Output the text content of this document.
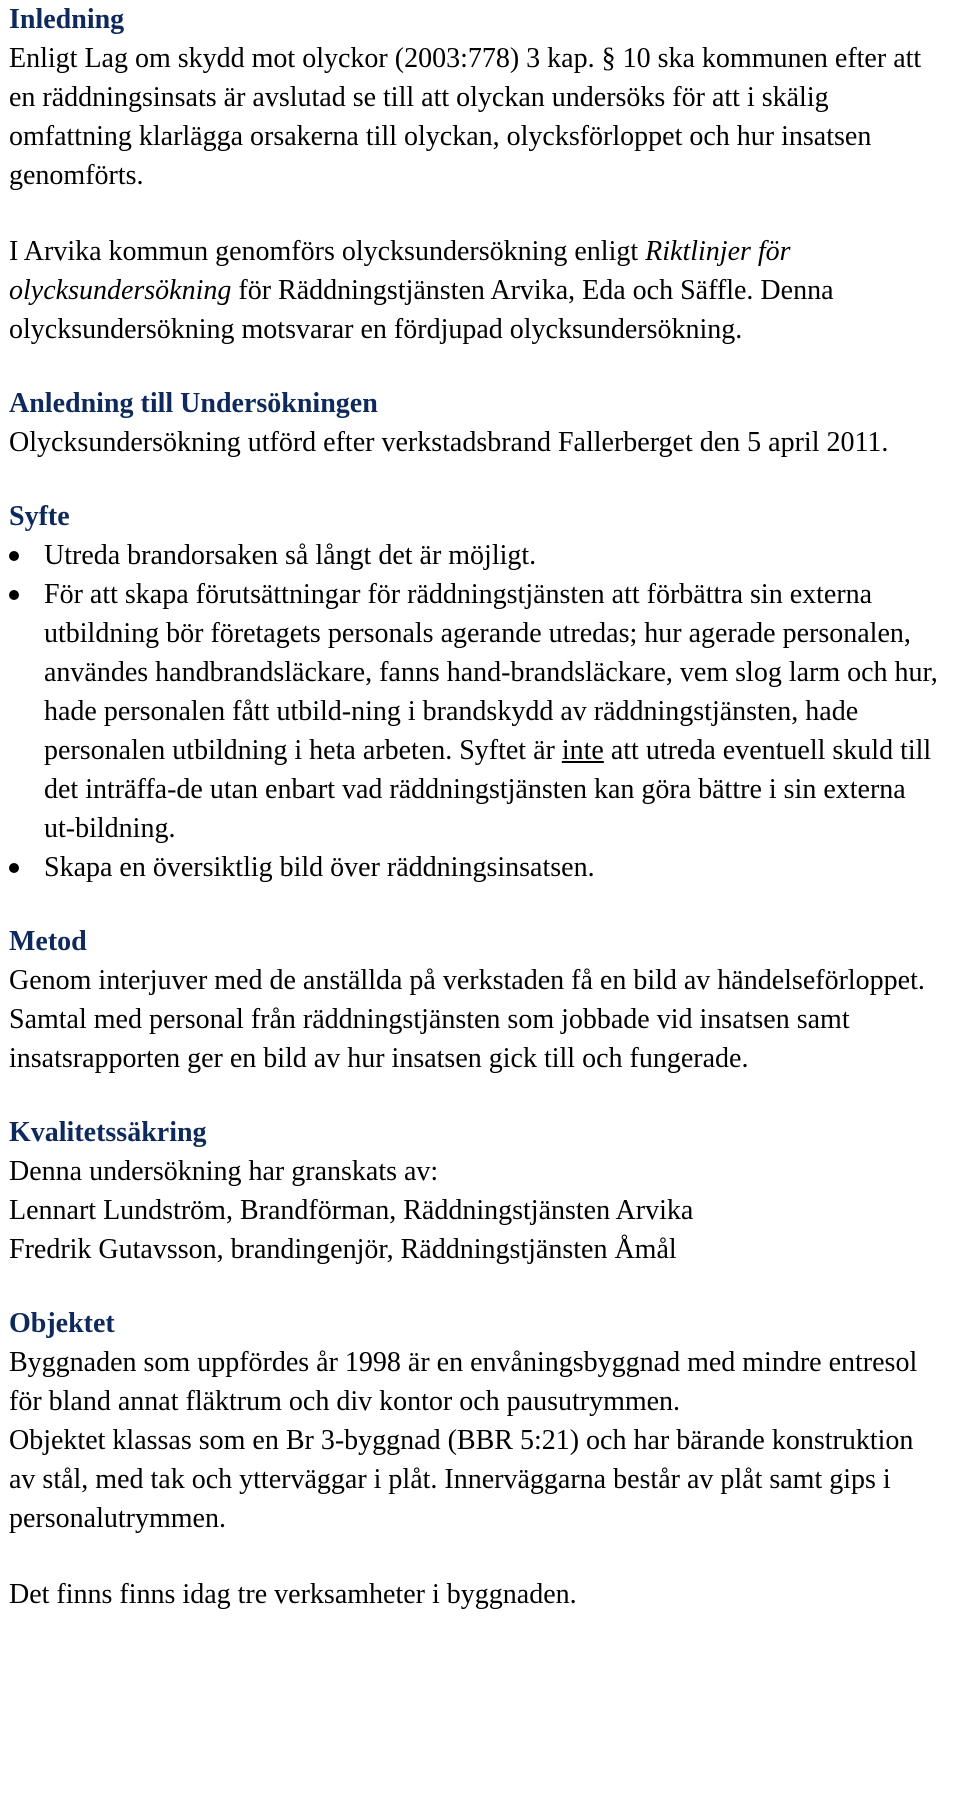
Inledning

Enligt Lag om skydd mot olyckor (2003:778) 3 kap. § 10 ska kommunen efter att en räddningsinsats är avslutad se till att olyckan undersöks för att i skälig omfattning klarlägga orsakerna till olyckan, olycksförloppet och hur insatsen genomförts.

I Arvika kommun genomförs olycksundersökning enligt Riktlinjer för olycksundersökning för Räddningstjänsten Arvika, Eda och Säffle. Denna olycksundersökning motsvarar en fördjupad olycksundersökning.

Anledning till Undersökningen

Olycksundersökning utförd efter verkstadsbrand Fallerberget den 5 april 2011.

Syfte
Utreda brandorsaken så långt det är möjligt.
För att skapa förutsättningar för räddningstjänsten att förbättra sin externa utbildning bör företagets personals agerande utredas; hur agerade personalen, användes handbrandsläckare, fanns hand-brandsläckare, vem slog larm och hur, hade personalen fått utbild-ning i brandskydd av räddningstjänsten, hade personalen utbildning i heta arbeten. Syftet är inte att utreda eventuell skuld till det inträffa-de utan enbart vad räddningstjänsten kan göra bättre i sin externa ut-bildning.
Skapa en översiktlig bild över räddningsinsatsen.
Metod

Genom interjuver med de anställda på verkstaden få en bild av händelseförloppet. Samtal med personal från räddningstjänsten som jobbade vid insatsen samt insatsrapporten ger en bild av hur insatsen gick till och fungerade.

Kvalitetssäkring

Denna undersökning har granskats av:

Lennart Lundström, Brandförman, Räddningstjänsten Arvika

Fredrik Gutavsson, brandingenjör, Räddningstjänsten Åmål

Objektet

Byggnaden som uppfördes år 1998 är en envåningsbyggnad med mindre entresol för bland annat fläktrum och div kontor och pausutrymmen.

Objektet klassas som en Br 3-byggnad (BBR 5:21) och har bärande konstruktion av stål, med tak och ytterväggar i plåt. Innerväggarna består av plåt samt gips i personalutrymmen.

Det finns finns idag tre verksamheter i byggnaden.
